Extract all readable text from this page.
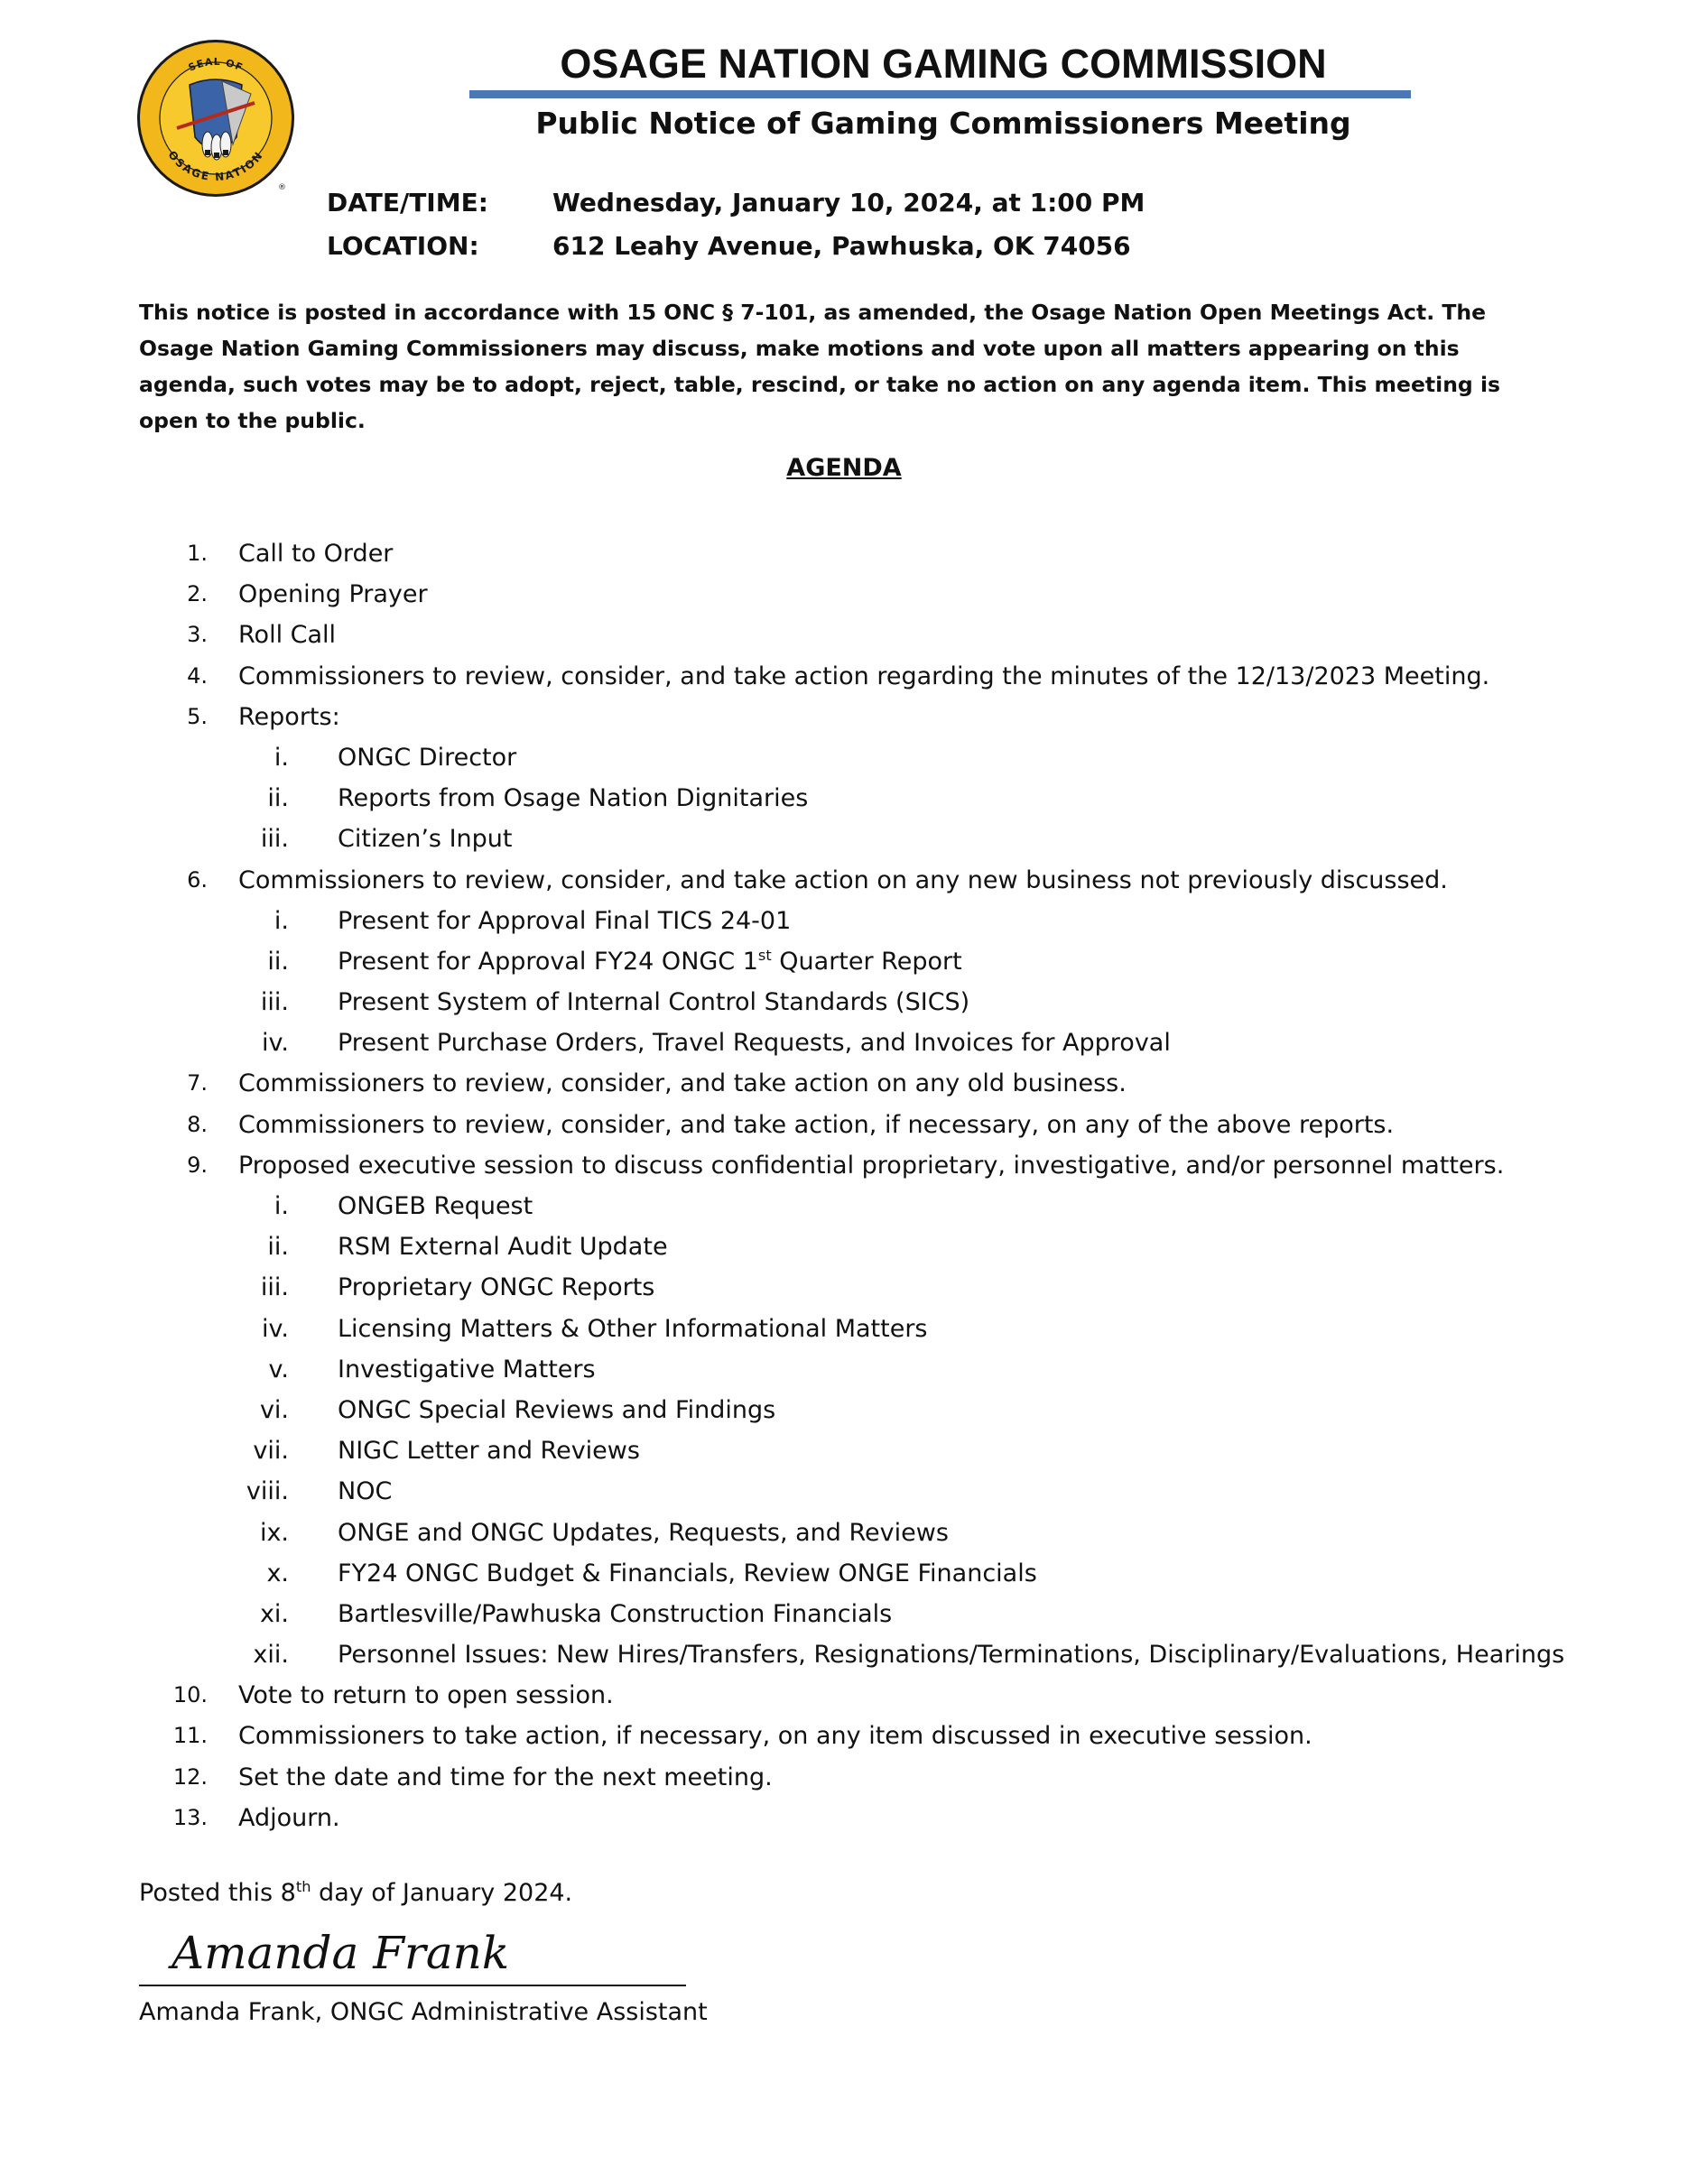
SEAL OF
OSAGE NATION
®
OSAGE NATION GAMING COMMISSION
Public Notice of Gaming Commissioners Meeting
DATE/TIME:	Wednesday, January 10, 2024, at 1:00 PM
LOCATION:	612 Leahy Avenue, Pawhuska, OK 74056
This notice is posted in accordance with 15 ONC § 7-101, as amended, the Osage Nation Open Meetings Act. The Osage Nation Gaming Commissioners may discuss, make motions and vote upon all matters appearing on this agenda, such votes may be to adopt, reject, table, rescind, or take no action on any agenda item. This meeting is open to the public.
AGENDA
1. Call to Order
2. Opening Prayer
3. Roll Call
4. Commissioners to review, consider, and take action regarding the minutes of the 12/13/2023 Meeting.
5. Reports:
i. ONGC Director
ii. Reports from Osage Nation Dignitaries
iii. Citizen’s Input
6. Commissioners to review, consider, and take action on any new business not previously discussed.
i. Present for Approval Final TICS 24-01
ii. Present for Approval FY24 ONGC 1st Quarter Report
iii. Present System of Internal Control Standards (SICS)
iv. Present Purchase Orders, Travel Requests, and Invoices for Approval
7. Commissioners to review, consider, and take action on any old business.
8. Commissioners to review, consider, and take action, if necessary, on any of the above reports.
9. Proposed executive session to discuss confidential proprietary, investigative, and/or personnel matters.
i. ONGEB Request
ii. RSM External Audit Update
iii. Proprietary ONGC Reports
iv. Licensing Matters & Other Informational Matters
v. Investigative Matters
vi. ONGC Special Reviews and Findings
vii. NIGC Letter and Reviews
viii. NOC
ix. ONGE and ONGC Updates, Requests, and Reviews
x. FY24 ONGC Budget & Financials, Review ONGE Financials
xi. Bartlesville/Pawhuska Construction Financials
xii. Personnel Issues: New Hires/Transfers, Resignations/Terminations, Disciplinary/Evaluations, Hearings
10. Vote to return to open session.
11. Commissioners to take action, if necessary, on any item discussed in executive session.
12. Set the date and time for the next meeting.
13. Adjourn.
Posted this 8th day of January 2024.
Amanda Frank
Amanda Frank, ONGC Administrative Assistant
